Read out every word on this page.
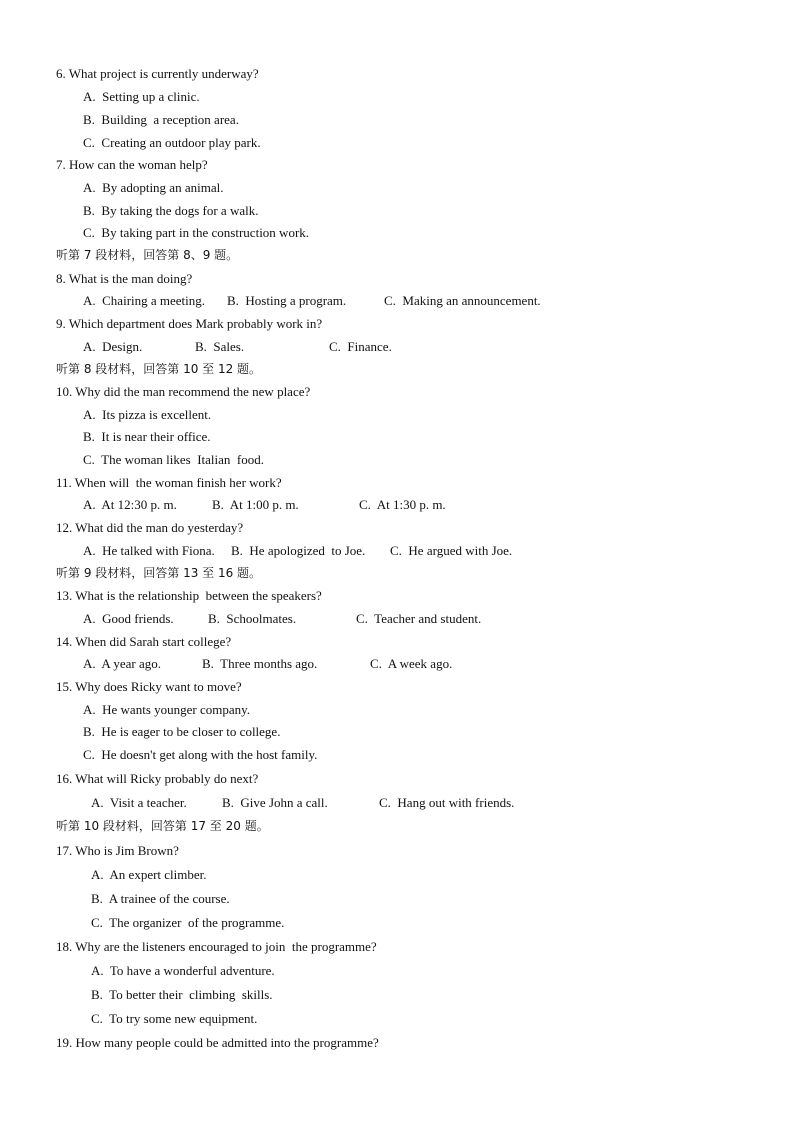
6. What project is currently underway?
A.  Setting up a clinic.
B.  Building  a reception area.
C.  Creating an outdoor play park.
7. How can the woman help?
A.  By adopting an animal.
B.  By taking the dogs for a walk.
C.  By taking part in the construction work.
听第 7 段材料，回答第 8、9 题。
8. What is the man doing?
A.  Chairing a meeting. B.  Hosting a program.	C.  Making an announcement.
9. Which department does Mark probably work in?
A.  Design.	B.  Sales.	C.  Finance.
听第 8 段材料，回答第 10 至 12 题。
10. Why did the man recommend the new place?
A.  Its pizza is excellent.
B.  It is near their office.
C.  The woman likes  Italian  food.
11. When will  the woman finish her work?
A.  At 12:30 p. m.	B.  At 1:00 p. m.	C.  At 1:30 p. m.
12. What did the man do yesterday?
A.  He talked with Fiona. B.  He apologized  to Joe. C.  He argued with Joe.
听第 9 段材料，回答第 13 至 16 题。
13. What is the relationship  between the speakers?
A.  Good friends.	B.  Schoolmates.	C.  Teacher and student.
14. When did Sarah start college?
A.  A year ago.	B.  Three months ago.	C.  A week ago.
15. Why does Ricky want to move?
A.  He wants younger company.
B.  He is eager to be closer to college.
C.  He doesn't get along with the host family.
16. What will Ricky probably do next?
A.  Visit a teacher.	B.  Give John a call.	C.  Hang out with friends.
听第 10 段材料，回答第 17 至 20 题。
17. Who is Jim Brown?
A.  An expert climber.
B.  A trainee of the course.
C.  The organizer  of the programme.
18. Why are the listeners encouraged to join  the programme?
A.  To have a wonderful adventure.
B.  To better their  climbing  skills.
C.  To try some new equipment.
19. How many people could be admitted into the programme?
